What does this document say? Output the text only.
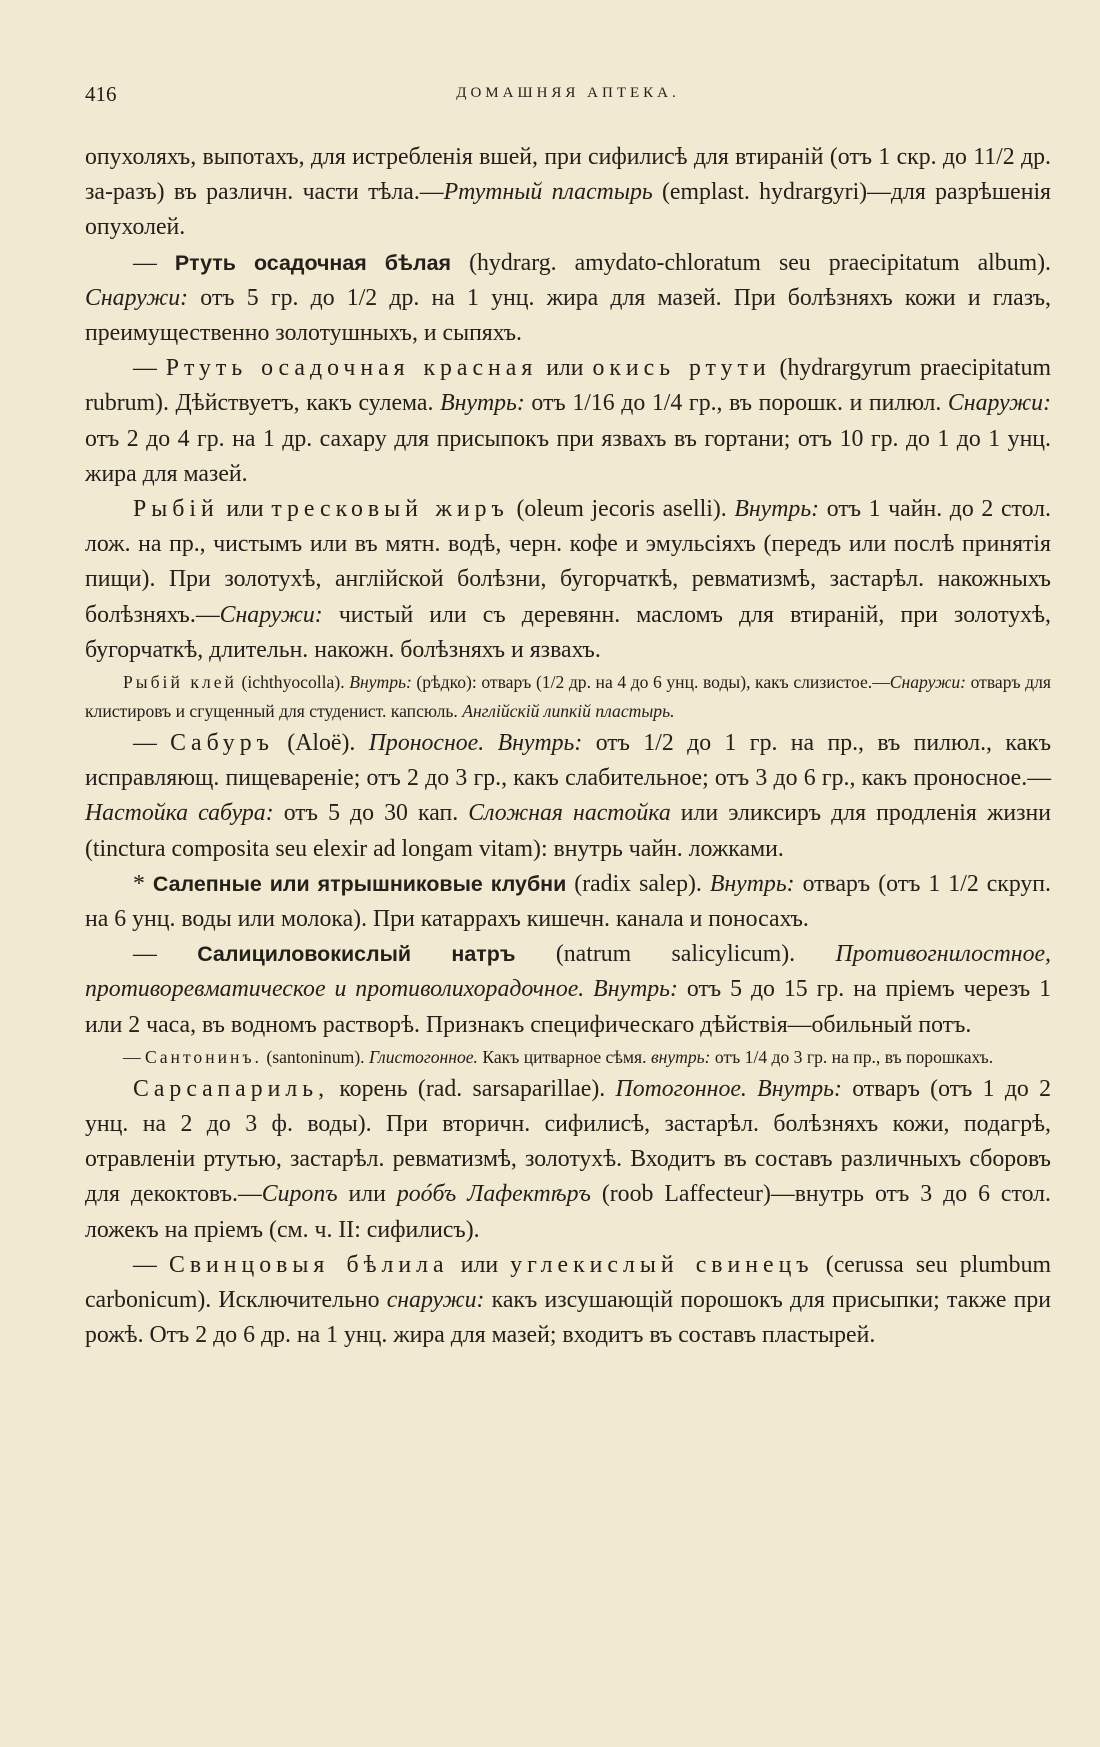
416	ДОМАШНЯЯ АПТЕКА.

опухоляхъ, выпотахъ, для истребленія вшей, при сифилисѣ для втираній (отъ 1 скр. до 11/2 др. за-разъ) въ различн. части тѣла.—Ртутный пластырь (emplast. hydrargyri)—для разрѣшенія опухолей.

— Ртуть осадочная бѣлая (hydrarg. amydato-chloratum seu praecipitatum album). Снаружи: отъ 5 гр. до 1/2 др. на 1 унц. жира для мазей. При болѣзняхъ кожи и глазъ, преимущественно золотушныхъ, и сыпяхъ.

— Ртуть осадочная красная или окись ртути (hydrargyrum praecipitatum rubrum). Дѣйствуетъ, какъ сулема. Внутрь: отъ 1/16 до 1/4 гр., въ порошк. и пилюл. Снаружи: отъ 2 до 4 гр. на 1 др. сахару для присыпокъ при язвахъ въ гортани; отъ 10 гр. до 1 до 1 унц. жира для мазей.

Рыбій или тресковый жиръ (oleum jecoris aselli). Внутрь: отъ 1 чайн. до 2 стол. лож. на пр., чистымъ или въ мятн. водѣ, черн. кофе и эмульсіяхъ (передъ или послѣ принятія пищи). При золотухѣ, англійской болѣзни, бугорчаткѣ, ревматизмѣ, застарѣл. накожныхъ болѣзняхъ.—Снаружи: чистый или съ деревянн. масломъ для втираній, при золотухѣ, бугорчаткѣ, длительн. накожн. болѣзняхъ и язвахъ.

Рыбій клей (ichthyocolla). Внутрь: (рѣдко): отваръ (1/2 др. на 4 до 6 унц. воды), какъ слизистое.—Снаружи: отваръ для клистировъ и сгущенный для студенист. капсюль. Англійскій липкій пластырь.

— Сабуръ (Aloë). Проносное. Внутрь: отъ 1/2 до 1 гр. на пр., въ пилюл., какъ исправляющ. пищевареніе; отъ 2 до 3 гр., какъ слабительное; отъ 3 до 6 гр., какъ проносное.—Настойка сабура: отъ 5 до 30 кап. Сложная настойка или эликсиръ для продленія жизни (tinctura composita seu elexir ad longam vitam): внутрь чайн. ложками.

* Салепные или ятрышниковые клубни (radix salep). Внутрь: отваръ (отъ 1 1/2 скруп. на 6 унц. воды или молока). При катаррахъ кишечн. канала и поносахъ.

— Салициловокислый натръ (natrum salicylicum). Противогнилостное, противоревматическое и противолихорадочное. Внутрь: отъ 5 до 15 гр. на пріемъ черезъ 1 или 2 часа, въ водномъ растворѣ. Признакъ специфическаго дѣйствія—обильный потъ.

— Сантонинъ. (santoninum). Глистогонное. Какъ цитварное сѣмя. внутрь: отъ 1/4 до 3 гр. на пр., въ порошкахъ.

Сарсапариль, корень (rad. sarsaparillae). Потогонное. Внутрь: отваръ (отъ 1 до 2 унц. на 2 до 3 ф. воды). При вторичн. сифилисѣ, застарѣл. болѣзняхъ кожи, подагрѣ, отравленіи ртутью, застарѣл. ревматизмѣ, золотухѣ. Входитъ въ составъ различныхъ сборовъ для декоктовъ.—Сиропъ или роóбъ Лафектѣръ (roob Laffecteur)—внутрь отъ 3 до 6 стол. ложекъ на пріемъ (см. ч. II: сифилисъ).

— Свинцовыя бѣлила или углекислый свинецъ (cerussa seu plumbum carbonicum). Исключительно снаружи: какъ изсушающій порошокъ для присыпки; также при рожѣ. Отъ 2 до 6 др. на 1 унц. жира для мазей; входитъ въ составъ пластырей.
